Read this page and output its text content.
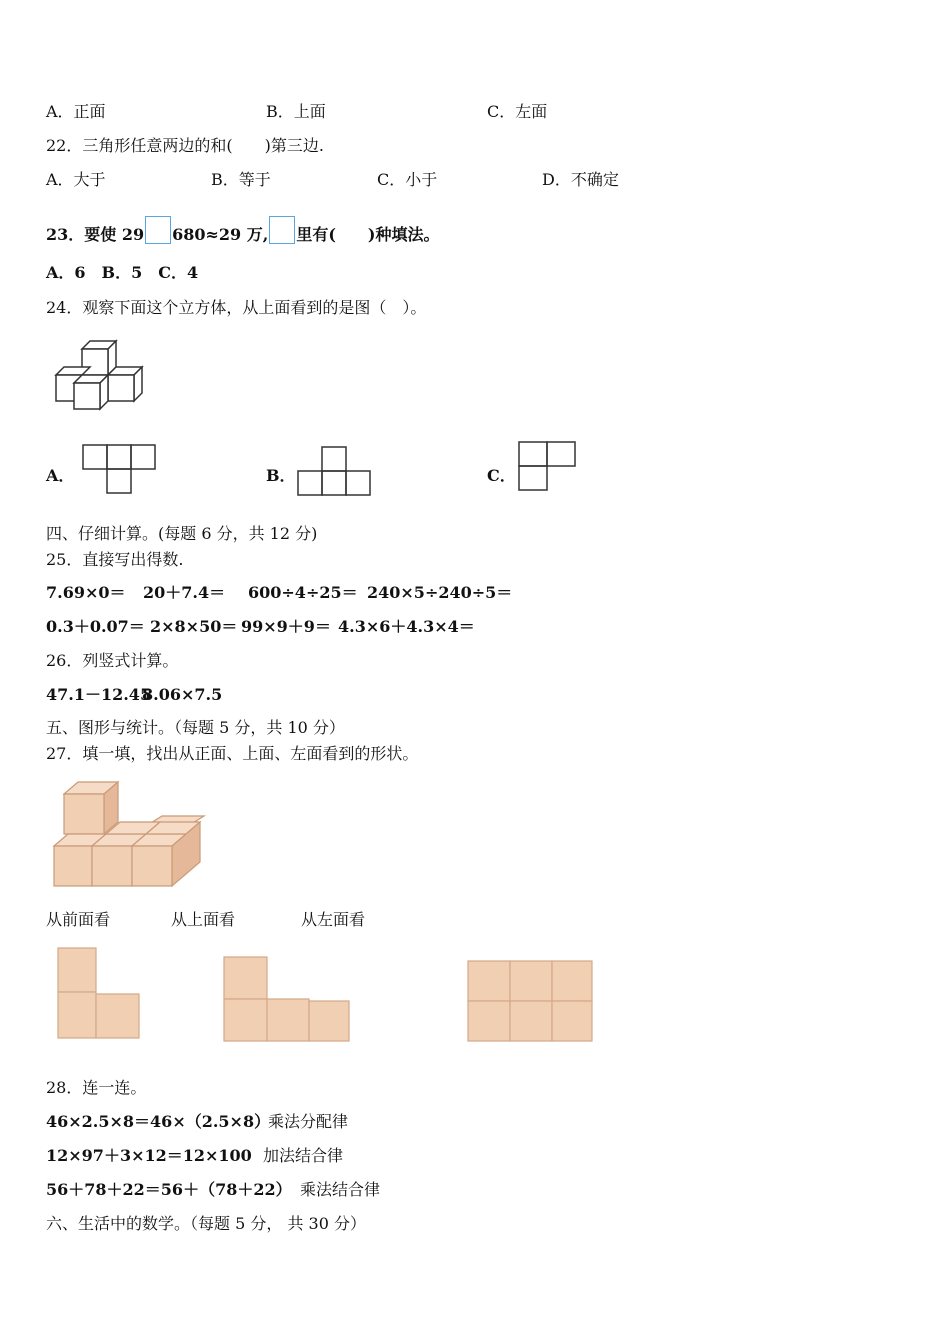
A．正面	B．上面	C．左面
22．三角形任意两边的和(　　)第三边.
A．大于	B．等于	C．小于	D．不确定
23．要使 29 680≈29 万, 里有(　　)种填法。
A．6　B．5　C．4
24．观察下面这个立方体，从上面看到的是图（　）。
A．	B．	C．
四、仔细计算。(每题 6 分，共 12 分)
25．直接写出得数.
7.69×0＝ 20＋7.4＝ 600÷4÷25＝ 240×5÷240÷5＝
0.3＋0.07＝ 2×8×50＝ 99×9＋9＝ 4.3×6＋4.3×4＝
26．列竖式计算。
47.1－12.45
8.06×7.5
五、图形与统计。（每题 5 分，共 10 分）
27．填一填，找出从正面、上面、左面看到的形状。
从前面看	从上面看	从左面看
28．连一连。
46×2.5×8＝46×（2.5×8）
乘法分配律
12×97＋3×12＝12×100 加法结合律
56＋78＋22＝56＋（78＋22） 乘法结合律
六、生活中的数学。（每题 5 分， 共 30 分）
